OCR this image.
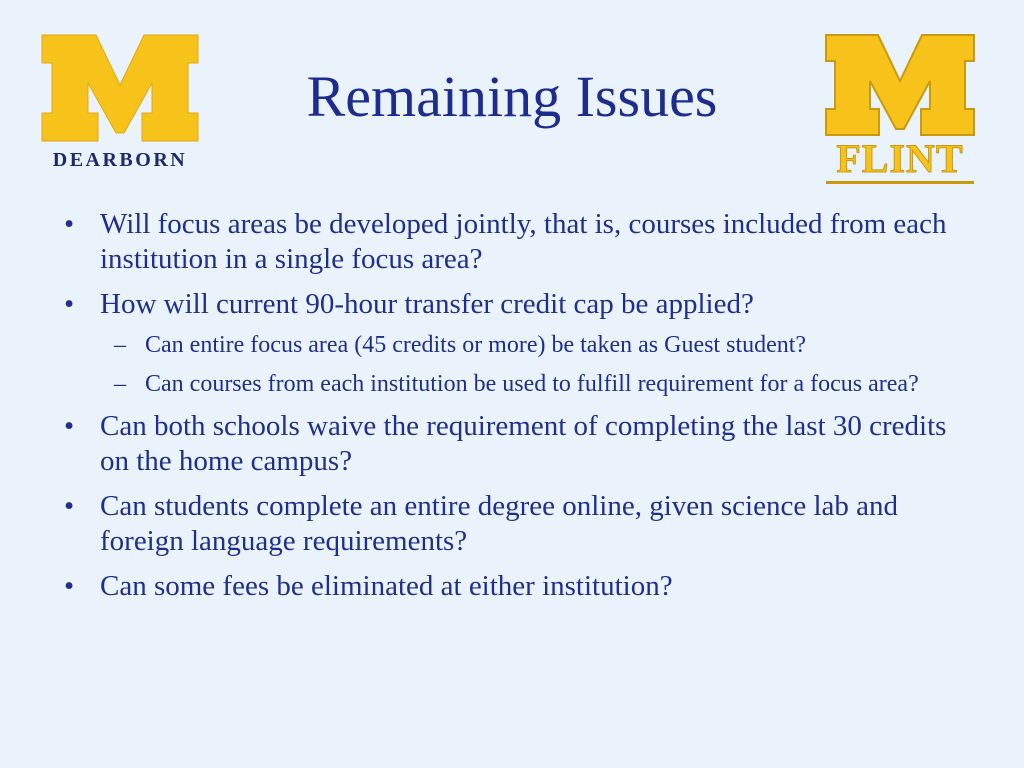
DEARBORN	FLINT
Remaining Issues
• Will focus areas be developed jointly, that is, courses included from each institution in a single focus area?
• How will current 90-hour transfer credit cap be applied?
– Can entire focus area (45 credits or more) be taken as Guest student?
– Can courses from each institution be used to fulfill requirement for a focus area?
• Can both schools waive the requirement of completing the last 30 credits on the home campus?
• Can students complete an entire degree online, given science lab and foreign language requirements?
• Can some fees be eliminated at either institution?
